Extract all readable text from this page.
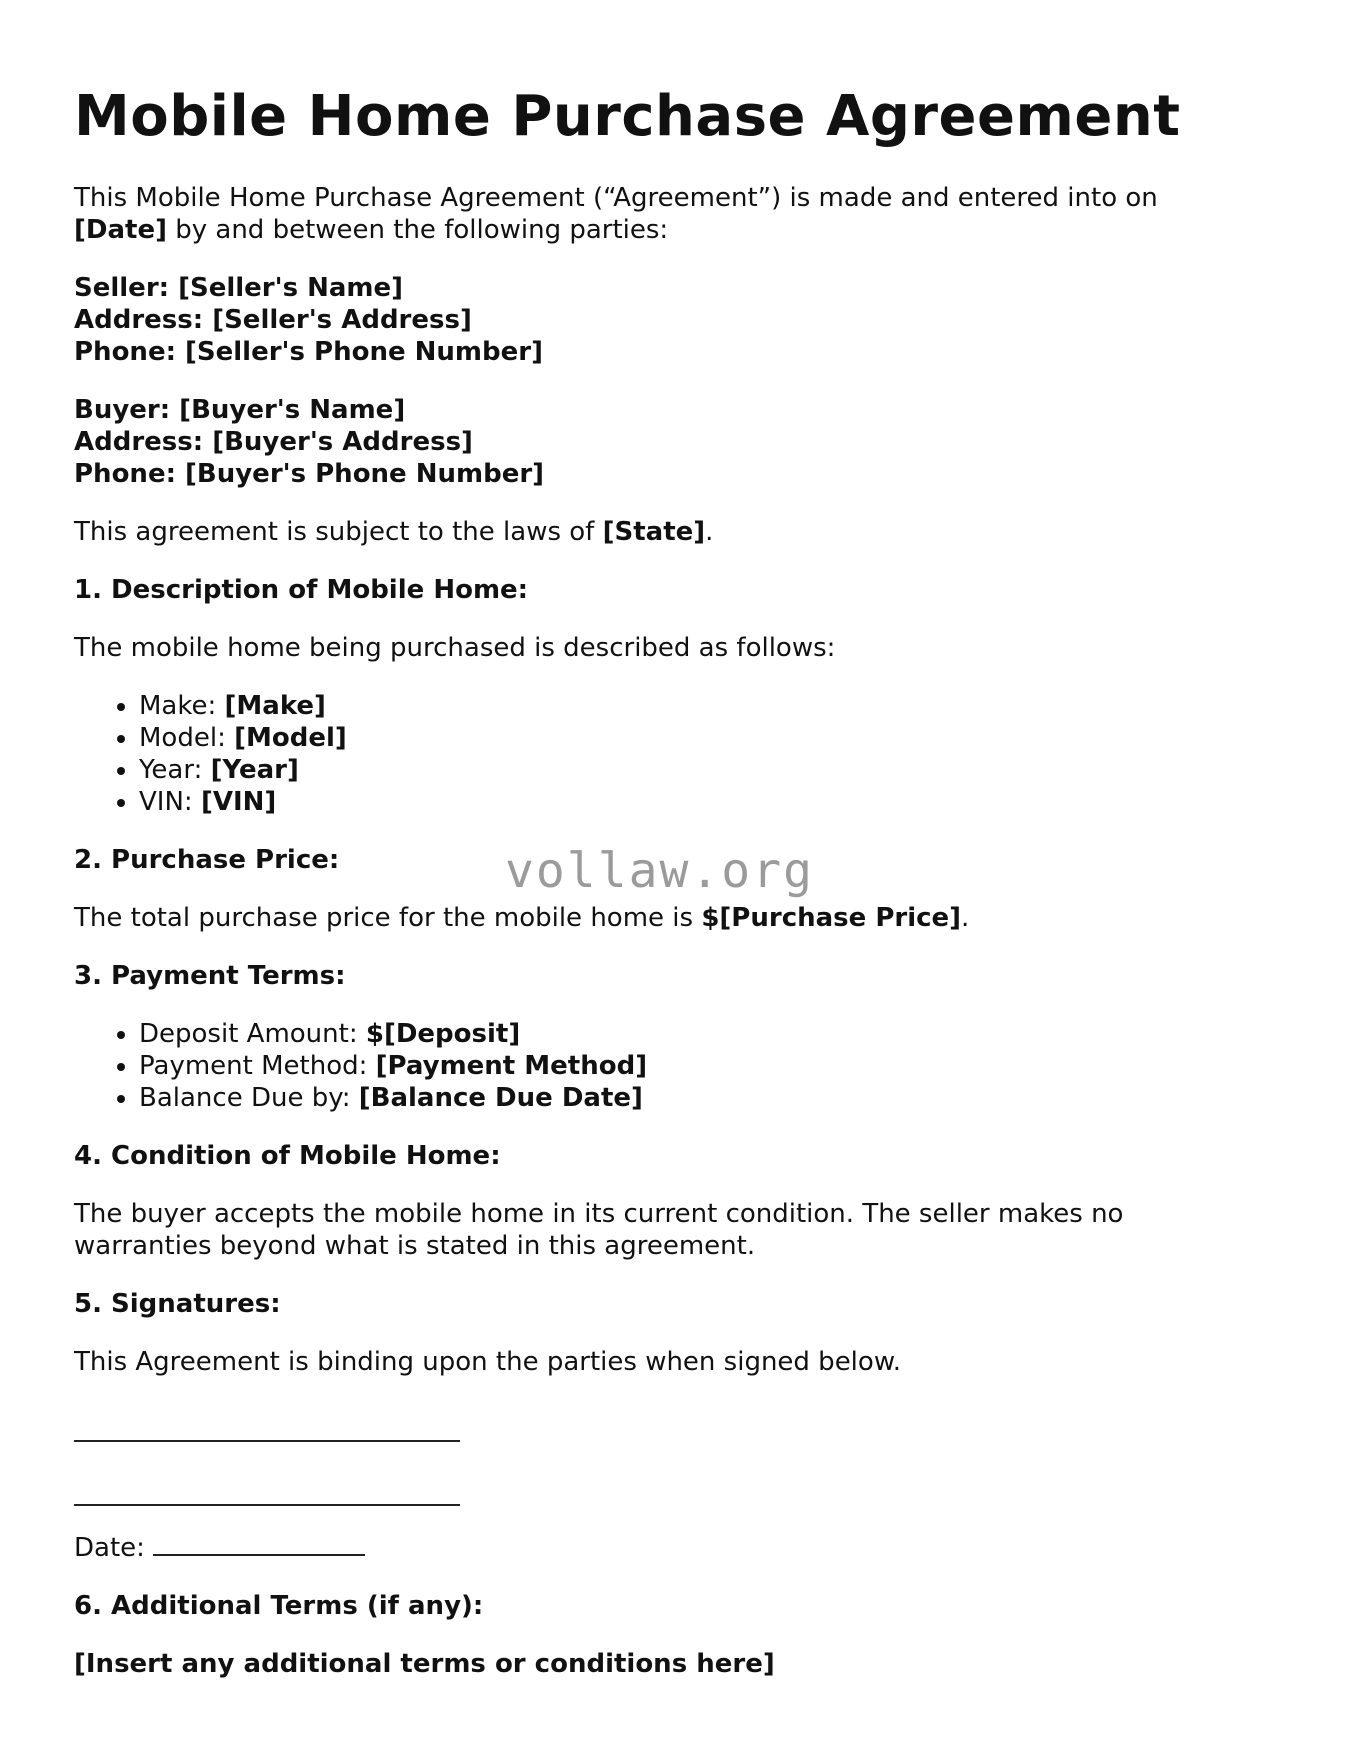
Mobile Home Purchase Agreement

This Mobile Home Purchase Agreement (“Agreement”) is made and entered into on
[Date] by and between the following parties:

Seller: [Seller's Name]
Address: [Seller's Address]
Phone: [Seller's Phone Number]
Buyer: [Buyer's Name]
Address: [Buyer's Address]
Phone: [Buyer's Phone Number]

This agreement is subject to the laws of [State].

1. Description of Mobile Home:

The mobile home being purchased is described as follows:

• Make: [Make]
• Model: [Model]
• Year: [Year]
• VIN: [VIN]
2. Purchase Price:

The total purchase price for the mobile home is $[Purchase Price].

3. Payment Terms:
• Deposit Amount: $[Deposit]
• Payment Method: [Payment Method]
• Balance Due by: [Balance Due Date]
4. Condition of Mobile Home:

The buyer accepts the mobile home in its current condition. The seller makes no warranties beyond what is stated in this agreement.

5. Signatures:

This Agreement is binding upon the parties when signed below.

Date:
6. Additional Terms (if any):

[Insert any additional terms or conditions here]

vollaw.org
